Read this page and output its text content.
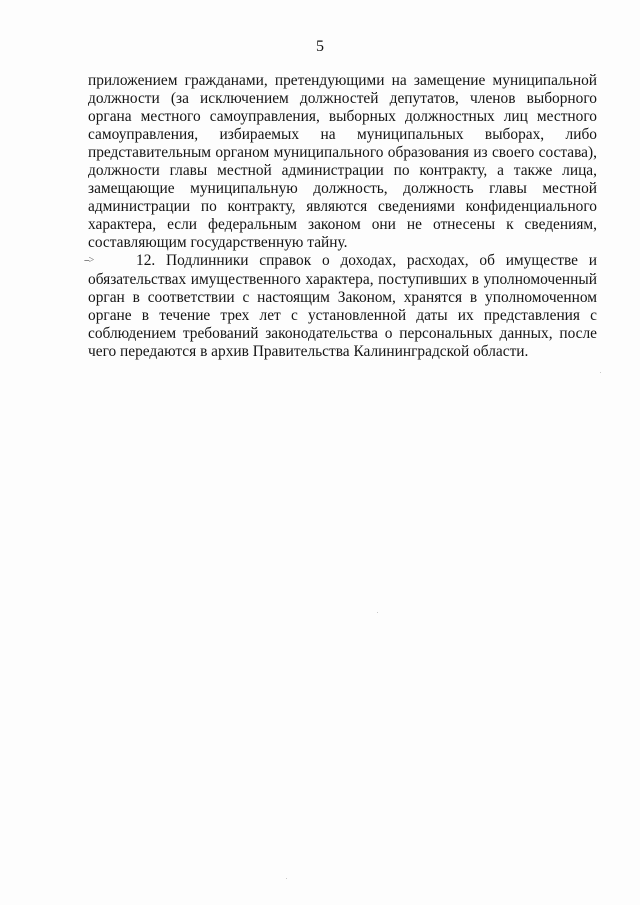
5

приложением гражданами, претендующими на замещение муниципальной должности (за исключением должностей депутатов, членов выборного органа местного самоуправления, выборных должностных лиц местного самоуправления, избираемых на муниципальных выборах, либо представительным органом муниципального образования из своего состава), должности главы местной администрации по контракту, а также лица, замещающие муниципальную должность, должность главы местной администрации по контракту, являются сведениями конфиденциального характера, если федеральным законом они не отнесены к сведениям, составляющим государственную тайну.

-->	12. Подлинники справок о доходах, расходах, об имуществе и обязательствах имущественного характера, поступивших в уполномоченный орган в соответствии с настоящим Законом, хранятся в уполномоченном органе в течение трех лет с установленной даты их представления с соблюдением требований законодательства о персональных данных, после чего передаются в архив Правительства Калининградской области.
